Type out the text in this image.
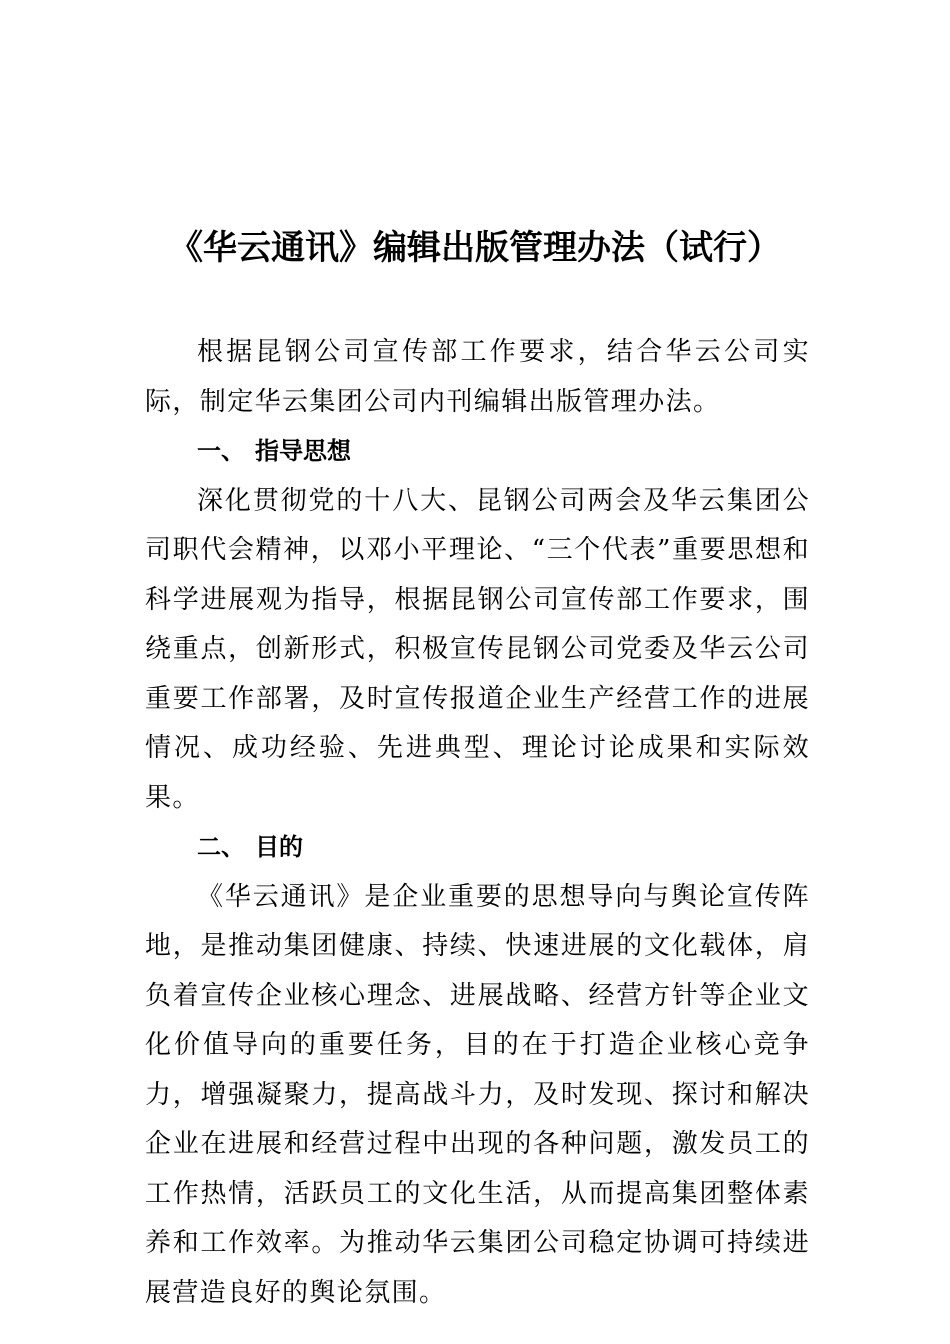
《华云通讯》编辑出版管理办法（试行）

根据昆钢公司宣传部工作要求，结合华云公司实际，制定华云集团公司内刊编辑出版管理办法。

一、 指导思想

深化贯彻党的十八大、昆钢公司两会及华云集团公司职代会精神，以邓小平理论、“三个代表”重要思想和科学进展观为指导，根据昆钢公司宣传部工作要求，围绕重点，创新形式，积极宣传昆钢公司党委及华云公司重要工作部署，及时宣传报道企业生产经营工作的进展情况、成功经验、先进典型、理论讨论成果和实际效果。

二、 目的

《华云通讯》是企业重要的思想导向与舆论宣传阵地，是推动集团健康、持续、快速进展的文化载体，肩负着宣传企业核心理念、进展战略、经营方针等企业文化价值导向的重要任务，目的在于打造企业核心竞争力，增强凝聚力，提高战斗力，及时发现、探讨和解决企业在进展和经营过程中出现的各种问题，激发员工的工作热情，活跃员工的文化生活，从而提高集团整体素养和工作效率。为推动华云集团公司稳定协调可持续进展营造良好的舆论氛围。
